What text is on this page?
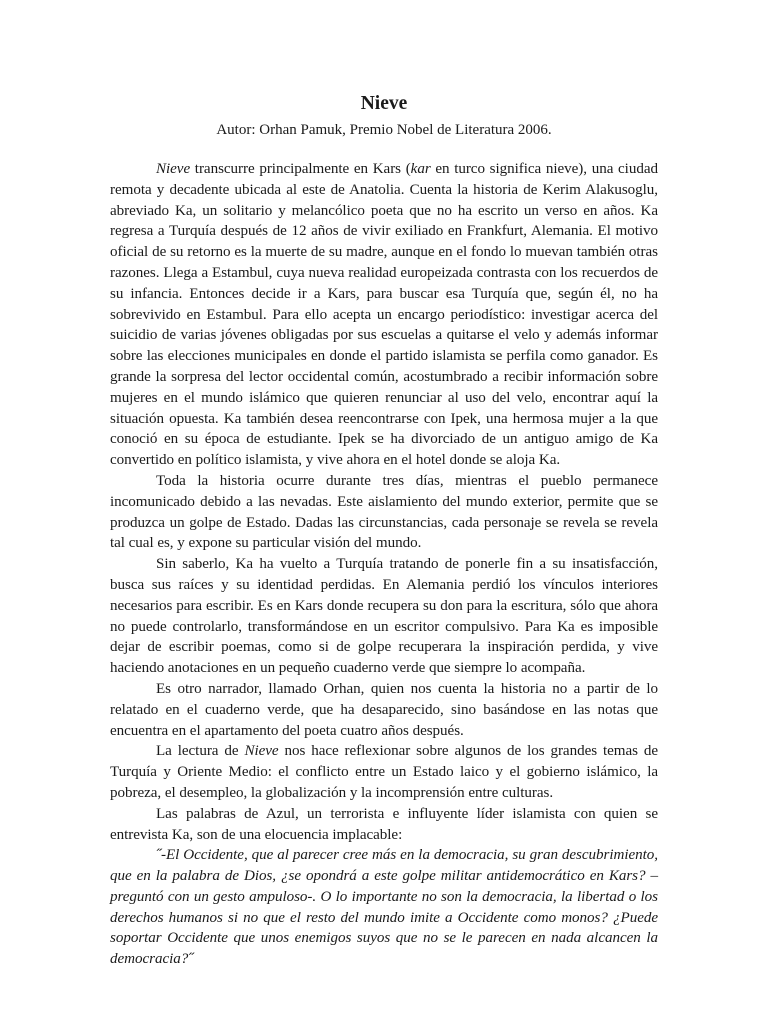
Nieve

Autor: Orhan Pamuk, Premio Nobel de Literatura 2006.

Nieve transcurre principalmente en Kars (kar en turco significa nieve), una ciudad remota y decadente ubicada al este de Anatolia. Cuenta la historia de Kerim Alakusoglu, abreviado Ka, un solitario y melancólico poeta que no ha escrito un verso en años. Ka regresa a Turquía después de 12 años de vivir exiliado en Frankfurt, Alemania. El motivo oficial de su retorno es la muerte de su madre, aunque en el fondo lo muevan también otras razones. Llega a Estambul, cuya nueva realidad europeizada contrasta con los recuerdos de su infancia. Entonces decide ir a Kars, para buscar esa Turquía que, según él, no ha sobrevivido en Estambul. Para ello acepta un encargo periodístico: investigar acerca del suicidio de varias jóvenes obligadas por sus escuelas a quitarse el velo y además informar sobre las elecciones municipales en donde el partido islamista se perfila como ganador. Es grande la sorpresa del lector occidental común, acostumbrado a recibir información sobre mujeres en el mundo islámico que quieren renunciar al uso del velo, encontrar aquí la situación opuesta. Ka también desea reencontrarse con Ipek, una hermosa mujer a la que conoció en su época de estudiante. Ipek se ha divorciado de un antiguo amigo de Ka convertido en político islamista, y vive ahora en el hotel donde se aloja Ka.

Toda la historia ocurre durante tres días, mientras el pueblo permanece incomunicado debido a las nevadas. Este aislamiento del mundo exterior, permite que se produzca un golpe de Estado. Dadas las circunstancias, cada personaje se revela se revela tal cual es, y expone su particular visión del mundo.

Sin saberlo, Ka ha vuelto a Turquía tratando de ponerle fin a su insatisfacción, busca sus raíces y su identidad perdidas. En Alemania perdió los vínculos interiores necesarios para escribir. Es en Kars donde recupera su don para la escritura, sólo que ahora no puede controlarlo, transformándose en un escritor compulsivo. Para Ka es imposible dejar de escribir poemas, como si de golpe recuperara la inspiración perdida, y vive haciendo anotaciones en un pequeño cuaderno verde que siempre lo acompaña.

Es otro narrador, llamado Orhan, quien nos cuenta la historia no a partir de lo relatado en el cuaderno verde, que ha desaparecido, sino basándose en las notas que encuentra en el apartamento del poeta cuatro años después.

La lectura de Nieve nos hace reflexionar sobre algunos de los grandes temas de Turquía y Oriente Medio: el conflicto entre un Estado laico y el gobierno islámico, la pobreza, el desempleo, la globalización y la incomprensión entre culturas.

Las palabras de Azul, un terrorista e influyente líder islamista con quien se entrevista Ka, son de una elocuencia implacable:

˝-El Occidente, que al parecer cree más en la democracia, su gran descubrimiento, que en la palabra de Dios, ¿se opondrá a este golpe militar antidemocrático en Kars? –preguntó con un gesto ampuloso-. O lo importante no son la democracia, la libertad o los derechos humanos si no que el resto del mundo imite a Occidente como monos? ¿Puede soportar Occidente que unos enemigos suyos que no se le parecen en nada alcancen la democracia?˝
